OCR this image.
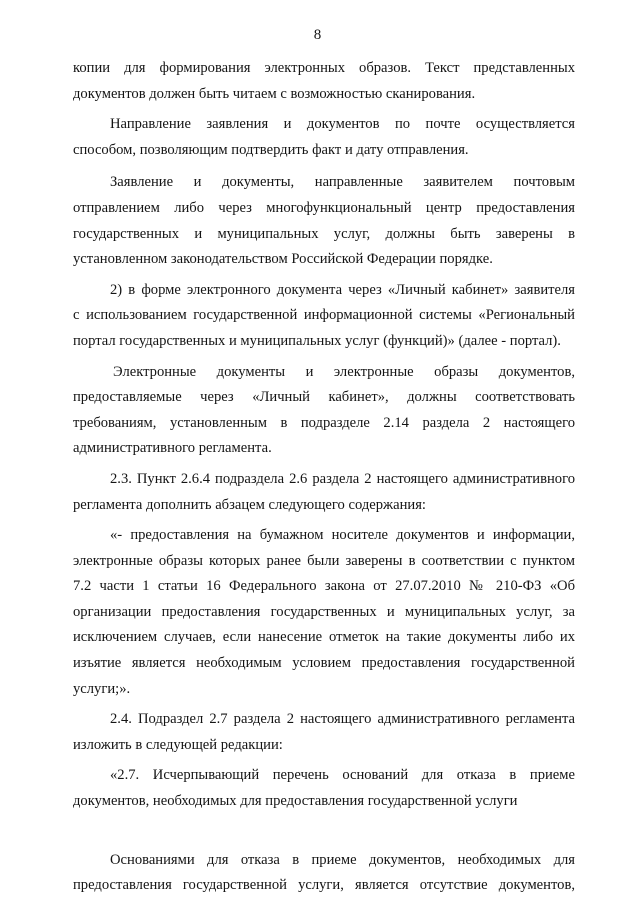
8
копии для формирования электронных образов. Текст представленных
документов должен быть читаем с возможностью сканирования.
Направление заявления и документов по почте осуществляется
способом, позволяющим подтвердить факт и дату отправления.
Заявление и документы, направленные заявителем почтовым
отправлением либо через многофункциональный центр предоставления
государственных и муниципальных услуг, должны быть заверены в
установленном законодательством Российской Федерации порядке.
2) в форме электронного документа через «Личный кабинет» заявителя
с использованием государственной информационной системы «Региональный
портал государственных и муниципальных услуг (функций)» (далее - портал).
Электронные документы и электронные образы документов,
предоставляемые через «Личный кабинет», должны соответствовать
требованиям, установленным в подразделе 2.14 раздела 2 настоящего
административного регламента.
2.3. Пункт 2.6.4 подраздела 2.6 раздела 2 настоящего административного
регламента дополнить абзацем следующего содержания:
«- предоставления на бумажном носителе документов и информации,
электронные образы которых ранее были заверены в соответствии с пунктом
7.2 части 1 статьи 16 Федерального закона от 27.07.2010 № 210-ФЗ «Об
организации предоставления государственных и муниципальных услуг, за
исключением случаев, если нанесение отметок на такие документы либо их
изъятие является необходимым условием предоставления государственной
услуги;».
2.4. Подраздел 2.7 раздела 2 настоящего административного регламента
изложить в следующей редакции:
«2.7. Исчерпывающий перечень оснований для отказа в приеме
документов, необходимых для предоставления государственной услуги
Основаниями для отказа в приеме документов, необходимых для
предоставления государственной услуги, является отсутствие документов,
